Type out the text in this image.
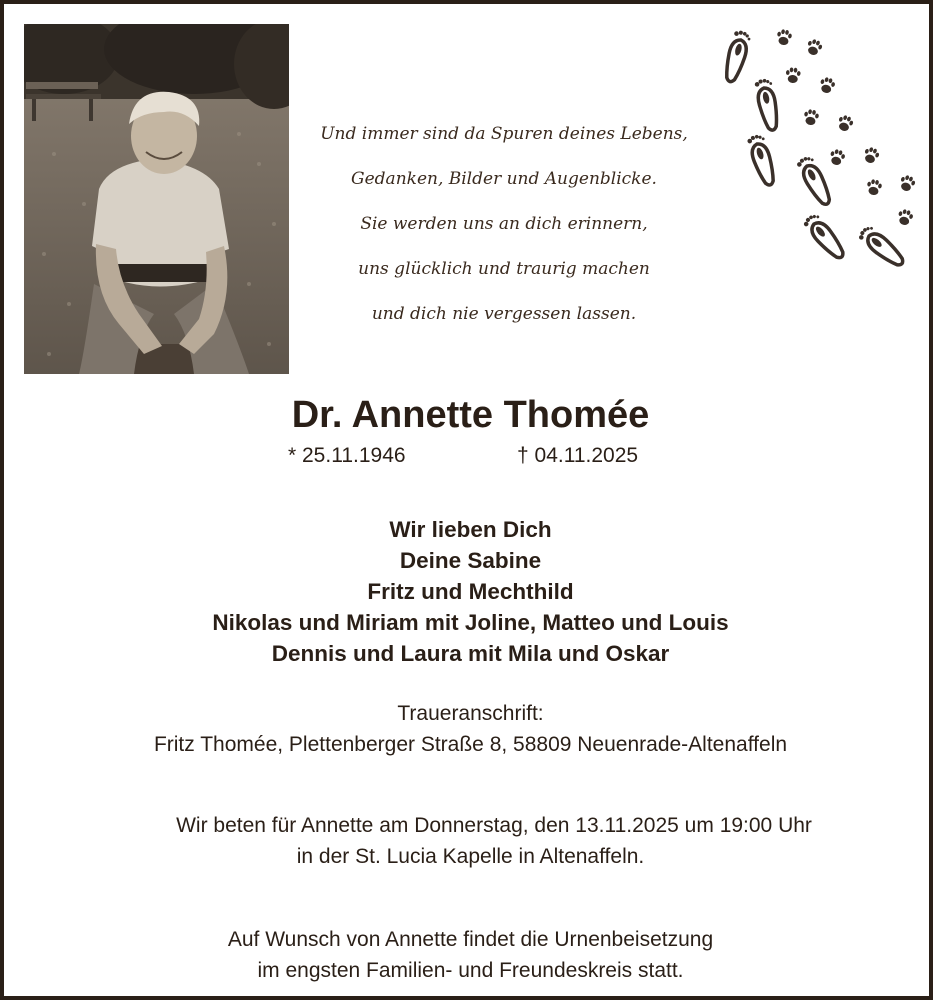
Und immer sind da Spuren deines Lebens,
Gedanken, Bilder und Augenblicke.
Sie werden uns an dich erinnern,
uns glücklich und traurig machen
und dich nie vergessen lassen.
Dr. Annette Thomée
* 25.11.1946	† 04.11.2025
Wir lieben Dich
Deine Sabine
Fritz und Mechthild
Nikolas und Miriam mit Joline, Matteo und Louis
Dennis und Laura mit Mila und Oskar
Traueranschrift:
Fritz Thomée, Plettenberger Straße 8, 58809 Neuenrade-Altenaffeln
Wir beten für Annette am Donnerstag, den 13.11.2025 um 19:00 Uhr
in der St. Lucia Kapelle in Altenaffeln.
Auf Wunsch von Annette findet die Urnenbeisetzung
im engsten Familien- und Freundeskreis statt.
